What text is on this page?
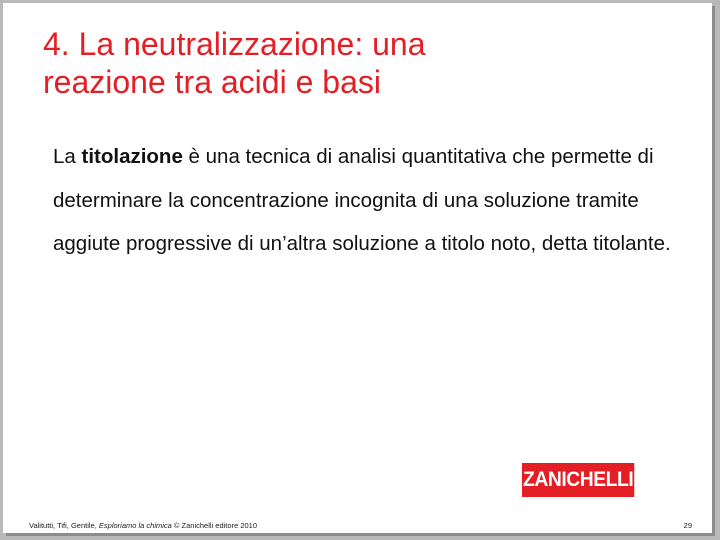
4. La neutralizzazione: una
reazione tra acidi e basi

La titolazione è una tecnica di analisi quantitativa che permette di determinare la concentrazione incognita di una soluzione tramite aggiute progressive di un’altra soluzione a titolo noto, detta titolante.

ZANICHELLI
Valitutti, Tifi, Gentile, Esploriamo la chimica © Zanichelli editore 2010	29
